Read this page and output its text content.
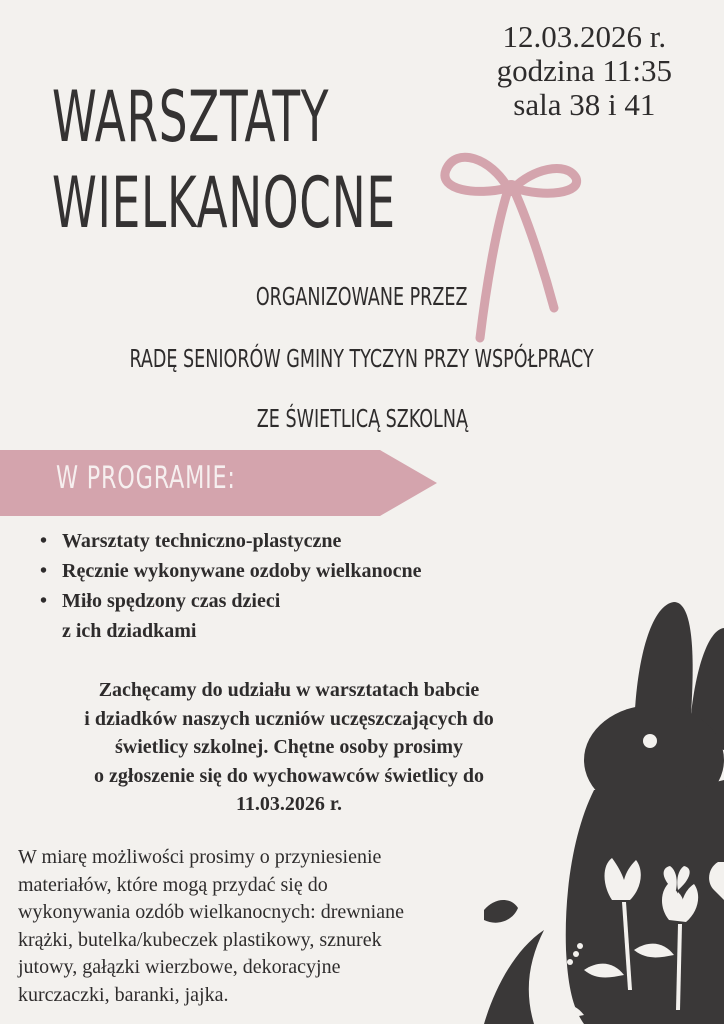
12.03.2026 r.
godzina 11:35
sala 38 i 41
WARSZTATY
WIELKANOCNE
ORGANIZOWANE PRZEZ
RADĘ SENIORÓW GMINY TYCZYN PRZY WSPÓŁPRACY
ZE ŚWIETLICĄ SZKOLNĄ
W PROGRAMIE:
• Warsztaty techniczno-plastyczne
• Ręcznie wykonywane ozdoby wielkanocne
• Miło spędzony czas dzieci
z ich dziadkami
Zachęcamy do udziału w warsztatach babcie
i dziadków naszych uczniów uczęszczających do
świetlicy szkolnej. Chętne osoby prosimy
o zgłoszenie się do wychowawców świetlicy do
11.03.2026 r.
W miarę możliwości prosimy o przyniesienie
materiałów, które mogą przydać się do
wykonywania ozdób wielkanocnych: drewniane
krążki, butelka/kubeczek plastikowy, sznurek
jutowy, gałązki wierzbowe, dekoracyjne
kurczaczki, baranki, jajka.
